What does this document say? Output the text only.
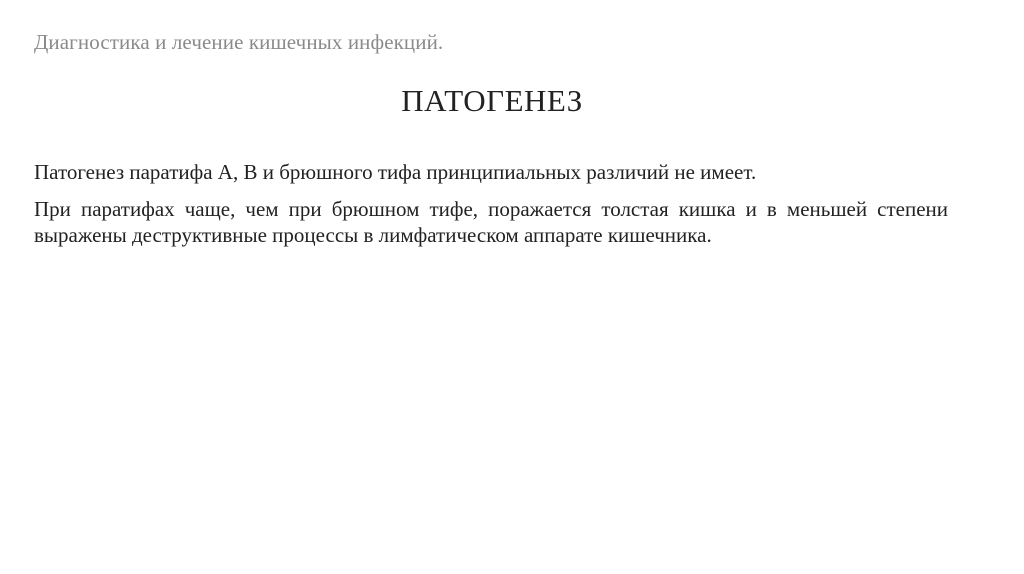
Диагностика и лечение кишечных инфекций.
ПАТОГЕНЕЗ
Патогенез паратифа А, В и брюшного тифа принципиальных различий не имеет.
При паратифах чаще, чем при брюшном тифе, поражается толстая кишка и в меньшей степени выражены деструктивные процессы в лимфатическом аппарате кишечника.
